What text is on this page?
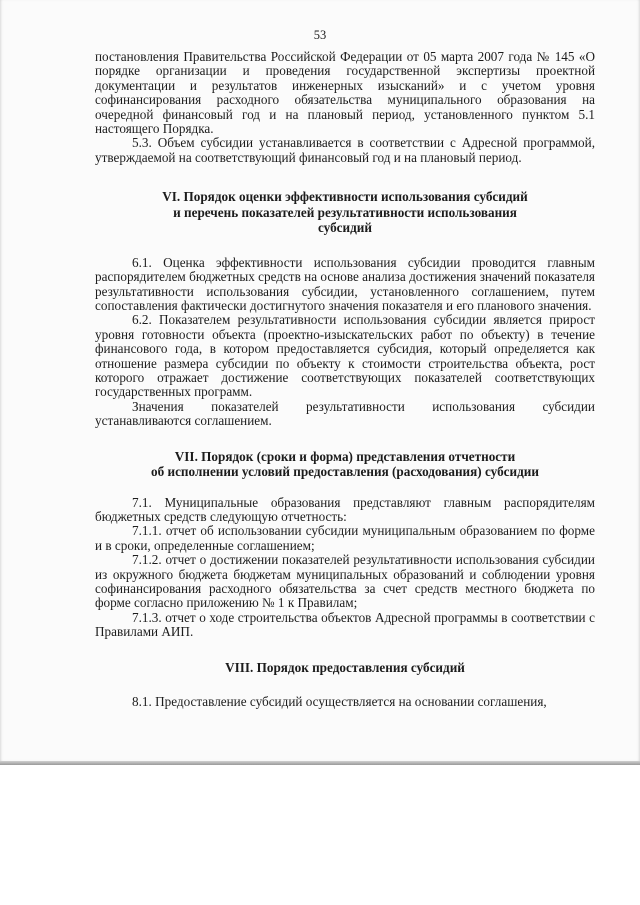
53

постановления Правительства Российской Федерации от 05 марта 2007 года № 145 «О порядке организации и проведения государственной экспертизы проектной документации и результатов инженерных изысканий» и с учетом уровня софинансирования расходного обязательства муниципального образования на очередной финансовый год и на плановый период, установленного пунктом 5.1 настоящего Порядка.

5.3. Объем субсидии устанавливается в соответствии с Адресной программой, утверждаемой на соответствующий финансовый год и на плановый период.

VI. Порядок оценки эффективности использования субсидий

и перечень показателей результативности использования

субсидий

6.1. Оценка эффективности использования субсидии проводится главным распорядителем бюджетных средств на основе анализа достижения значений показателя результативности использования субсидии, установленного соглашением, путем сопоставления фактически достигнутого значения показателя и его планового значения.

6.2. Показателем результативности использования субсидии является прирост уровня готовности объекта (проектно-изыскательских работ по объекту) в течение финансового года, в котором предоставляется субсидия, который определяется как отношение размера субсидии по объекту к стоимости строительства объекта, рост которого отражает достижение соответствующих показателей соответствующих государственных программ.

Значения показателей результативности использования субсидии устанавливаются соглашением.

VII. Порядок (сроки и форма) представления отчетности

об исполнении условий предоставления (расходования) субсидии

7.1. Муниципальные образования представляют главным распорядителям бюджетных средств следующую отчетность:

7.1.1. отчет об использовании субсидии муниципальным образованием по форме и в сроки, определенные соглашением;

7.1.2. отчет о достижении показателей результативности использования субсидии из окружного бюджета бюджетам муниципальных образований и соблюдении уровня софинансирования расходного обязательства за счет средств местного бюджета по форме согласно приложению № 1 к Правилам;

7.1.3. отчет о ходе строительства объектов Адресной программы в соответствии с Правилами АИП.

VIII. Порядок предоставления субсидий

8.1. Предоставление субсидий осуществляется на основании соглашения,
